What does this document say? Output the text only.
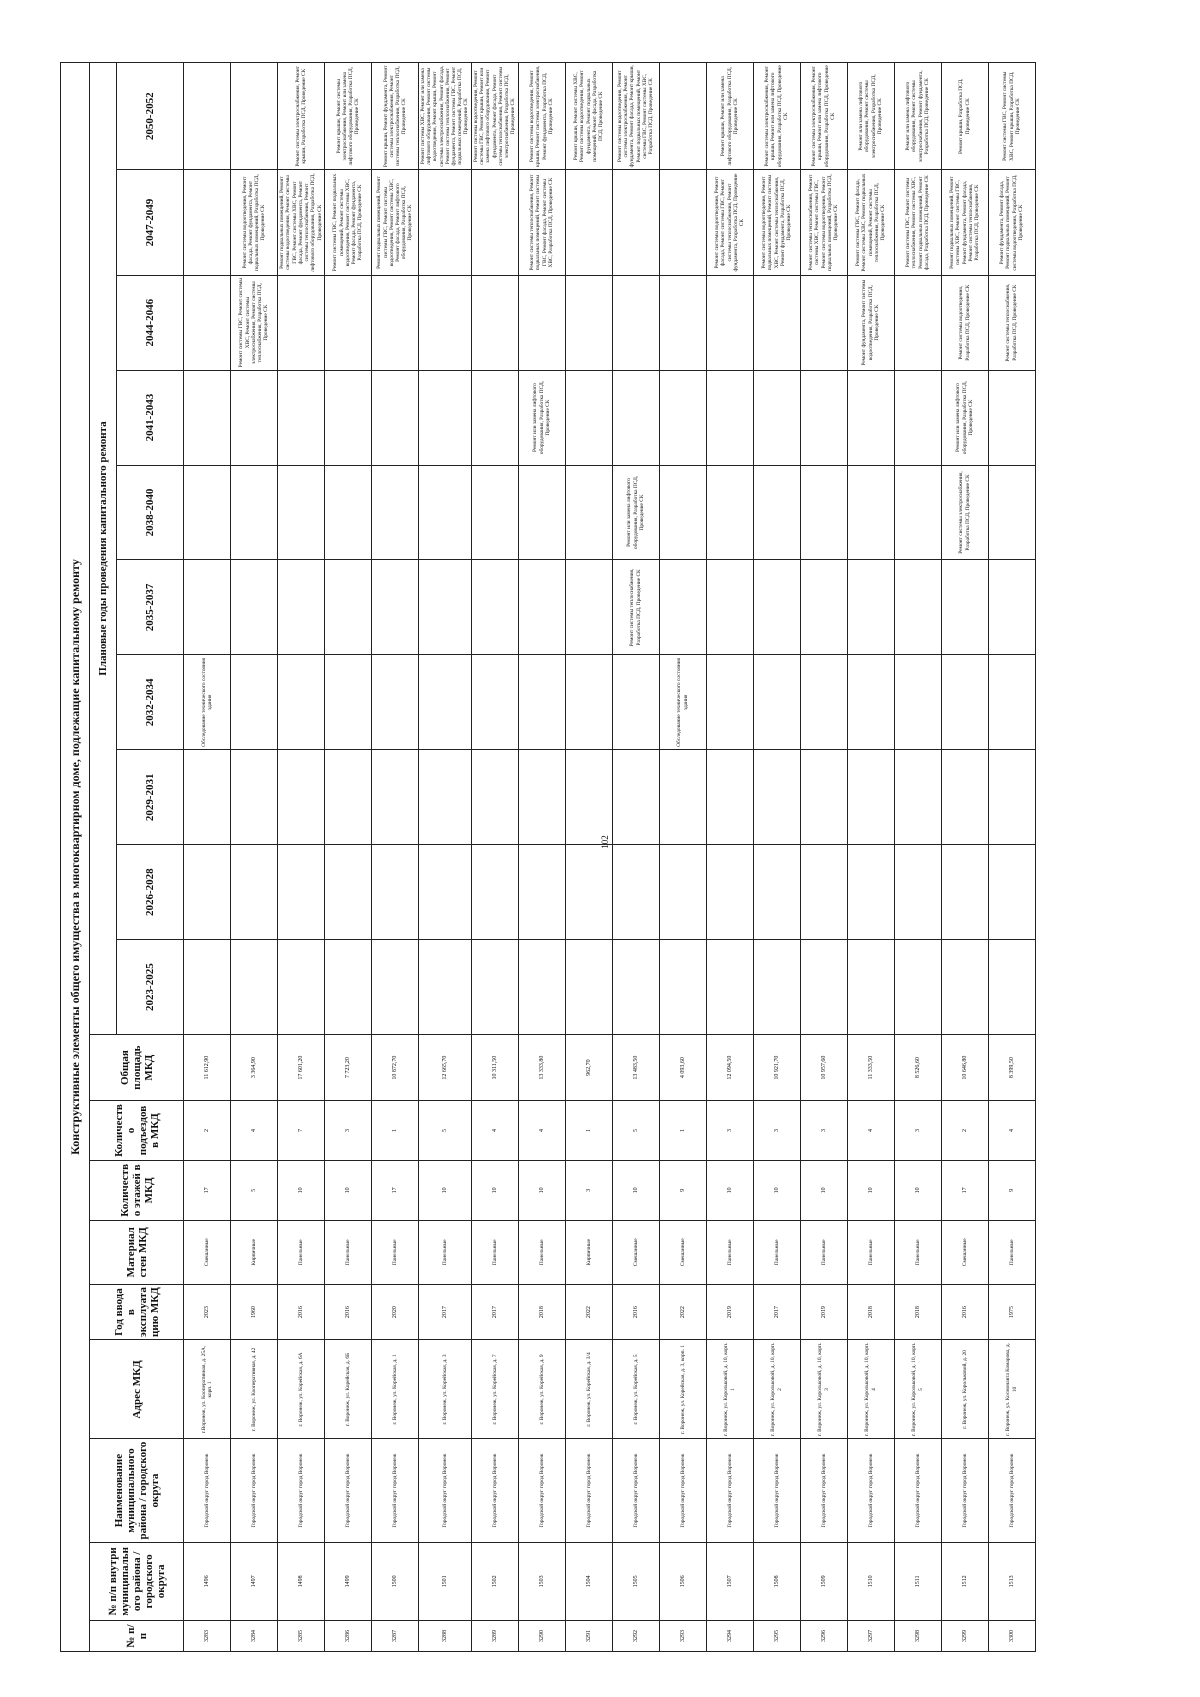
102
Конструктивные элементы общего имущества в многоквартирном доме, подлежащие капитальному ремонту																		
№ п/п	№ п/п внутри муниципального района / городского округа	Наименование муниципального района / городского округа	Адрес МКД	Год ввода в эксплуатацию МКД	Материал стен МКД	Количество этажей в МКД	Количество подъездов в МКД	Общая площадь МКД	Плановые годы проведения капитального ремонта									
									2023-2025	2026-2028	2029-2031	2032-2034	2035-2037	2038-2040	2041-2043	2044-2046	2047-2049	2050-2052
3283	1496	Городской округ город Воронеж	г.Воронеж, ул. Кооперативная, д. 25А, корп. 1	2023	Смешанные	17	2	11 612,90				Обследование технического состояния здания						
3284	1497	Городской округ город Воронеж	г. Воронеж, ул. Кооперативная, д. 42	1960	Кирпичные	5	4	3 364,90								Ремонт системы ГВС, Ремонт системы ХВС, Ремонт системы электроснабжения, Ремонт системы теплоснабжения, Разработка ПСД, Проведение СК	Ремонт системы водоотведения, Ремонт фасада, Ремонт фундамента, Ремонт подвальных помещений, Разработка ПСД, Проведение СК	
3285	1498	Городской округ город Воронеж	г. Воронеж, ул. Корейская, д. 6А	2016	Панельные	10	7	17 601,20									Ремонт подвальных помещений, Ремонт системы водоотведения, Ремонт системы ГВС, Ремонт системы ХВС, Ремонт фасада, Ремонт фундамента, Ремонт системы теплоснабжения, Ремонт лифтового оборудования, Разработка ПСД, Проведение СК	Ремонт системы электроснабжения, Ремонт крыши, Разработка ПСД, Проведение СК
3286	1499	Городской округ город Воронеж	г. Воронеж, ул. Корейская, д. 6Б	2016	Панельные	10	3	7 723,20									Ремонт системы ГВС, Ремонт подвальных помещений, Ремонт системы водоотведения, Ремонт системы ХВС, Ремонт фасада, Ремонт фундамента, Разработка ПСД, Проведение СК	Ремонт крыши, Ремонт системы электроснабжения, Ремонт или замена лифтового оборудования, Разработка ПСД, Проведение СК
3287	1500	Городской округ город Воронеж	г. Воронеж, ул. Корейская, д. 1	2020	Панельные	17	1	10 872,70									Ремонт подвальных помещений, Ремонт системы ГВС, Ремонт системы водоотведения, Ремонт системы ХВС, Ремонт фасада, Ремонт лифтового оборудования, Разработка ПСД, Проведение СК	Ремонт крыши, Ремонт фундамента, Ремонт системы электроснабжения, Ремонт системы теплоснабжения, Разработка ПСД, Проведение СК
3288	1501	Городской округ город Воронеж	г. Воронеж, ул. Корейская, д. 3	2017	Панельные	10	5	12 665,70										Ремонт системы ХВС, Ремонт или замена лифтового оборудования, Ремонт системы водоотведения, Ремонт крыши, Ремонт системы электроснабжения, Ремонт фасада, Ремонт системы теплоснабжения, Ремонт фундамента, Ремонт системы ГВС, Ремонт подвальных помещений, Разработка ПСД, Проведение СК
3289	1502	Городской округ город Воронеж	г. Воронеж, ул. Корейская, д. 7	2017	Панельные	10	4	10 311,50										Ремонт системы водоотведения, Ремонт системы ГВС, Ремонт крыши, Ремонт или замена лифтового оборудования, Ремонт фундамента, Ремонт фасада, Ремонт системы теплоснабжения, Ремонт системы электроснабжения, Разработка ПСД, Проведение СК
3290	1503	Городской округ город Воронеж	г. Воронеж, ул. Корейская, д. 9	2018	Панельные	10	4	13 333,80							Ремонт или замена лифтового оборудования, Разработка ПСД, Проведение СК		Ремонт системы теплоснабжения, Ремонт подвальных помещений, Ремонт системы ГВС, Ремонт фасада, Ремонт системы ХВС, Разработка ПСД, Проведение СК	Ремонт системы водоотведения, Ремонт крыши, Ремонт системы электроснабжения, Ремонт фундамента, Разработка ПСД, Проведение СК
3291	1504	Городской округ город Воронеж	г. Воронеж, ул. Корейская, д. 3/4	2022	Кирпичные	3	1	962,70										Ремонт крыши, Ремонт системы ХВС, Ремонт системы водоотведения, Ремонт фундамента, Ремонт подвальных помещений, Ремонт фасада, Разработка ПСД, Проведение СК
3292	1505	Городской округ город Воронеж	г. Воронеж, ул. Корейская, д. 5	2016	Смешанные	10	5	13 483,50					Ремонт системы теплоснабжения, Разработка ПСД, Проведение СК	Ремонт или замена лифтового оборудования, Разработка ПСД, Проведение СК				Ремонт системы водоотведения, Ремонт системы электроснабжения, Ремонт фундамента, Ремонт фасада, Ремонт крыши, Ремонт подвальных помещений, Ремонт системы ГВС, Ремонт системы ХВС, Разработка ПСД, Проведение СК
3293	1506	Городской округ город Воронеж	г. Воронеж, ул. Корейская, д. 3, корп. 1	2022	Смешанные	9	1	4 093,60				Обследование технического состояния здания						
3294	1507	Городской округ город Воронеж	г. Воронеж, ул. Корольковой, д. 10, корп. 1	2019	Панельные	10	3	12 094,50									Ремонт системы водоотведения, Ремонт фасада, Ремонт системы ГВС, Ремонт системы теплоснабжения, Ремонт фундамента, Разработка ПСД, Проведение СК	Ремонт крыши, Ремонт или замена лифтового оборудования, Разработка ПСД, Проведение СК
3295	1508	Городской округ город Воронеж	г. Воронеж, ул. Корольковой, д. 10, корп. 2	2017	Панельные	10	3	10 921,70									Ремонт системы водоотведения, Ремонт подвальных помещений, Ремонт системы ХВС, Ремонт системы теплоснабжения, Ремонт фундамента, Разработка ПСД, Проведение СК	Ремонт системы электроснабжения, Ремонт крыши, Ремонт или замена лифтового оборудования, Разработка ПСД, Проведение СК
3296	1509	Городской округ город Воронеж	г. Воронеж, ул. Корольковой, д. 10, корп. 3	2019	Панельные	10	3	10 957,60									Ремонт системы теплоснабжения, Ремонт системы ХВС, Ремонт системы ГВС, Ремонт системы водоотведения, Ремонт подвальных помещений, Разработка ПСД, Проведение СК	Ремонт системы электроснабжения, Ремонт крыши, Ремонт или замена лифтового оборудования, Разработка ПСД, Проведение СК
3297	1510	Городской округ город Воронеж	г. Воронеж, ул. Корольковой, д. 10, корп. 4	2018	Панельные	10	4	11 333,50								Ремонт фундамента, Ремонт системы водоотведения, Разработка ПСД, Проведение СК	Ремонт системы ГВС, Ремонт фасада, Ремонт системы ХВС, Ремонт подвальных помещений, Ремонт системы теплоснабжения, Разработка ПСД, Проведение СК	Ремонт или замена лифтового оборудования, Ремонт системы электроснабжения, Разработка ПСД, Проведение СК
3298	1511	Городской округ город Воронеж	г. Воронеж, ул. Корольковой, д. 10, корп. 5	2018	Панельные	10	3	8 526,60									Ремонт системы ГВС, Ремонт системы теплоснабжения, Ремонт системы ХВС, Ремонт подвальных помещений, Ремонт фасада, Разработка ПСД, Проведение СК	Ремонт или замена лифтового оборудования, Ремонт системы электроснабжения, Ремонт фундамента, Разработка ПСД, Проведение СК
3299	1512	Городской округ город Воронеж	г. Воронеж, ул. Корольковой, д. 20	2016	Смешанные	17	2	10 646,80						Ремонт системы электроснабжения, Разработка ПСД, Проведение СК	Ремонт или замена лифтового оборудования, Разработка ПСД, Проведение СК	Ремонт системы водоотведения, Разработка ПСД, Проведение СК	Ремонт подвальных помещений, Ремонт системы ХВС, Ремонт системы ГВС, Ремонт фундамента, Ремонт фасада, Ремонт системы теплоснабжения, Разработка ПСД, Проведение СК	Ремонт крыши, Разработка ПСД, Проведение СК
3300	1513	Городской округ город Воронеж	г. Воронеж, ул. Космонавта Комарова, д. 10	1975	Панельные	9	4	8 399,50								Ремонт системы теплоснабжения, Разработка ПСД, Проведение СК	Ремонт фундамента, Ремонт фасада, Ремонт подвальных помещений, Ремонт системы водоотведения, Разработка ПСД, Проведение СК	Ремонт системы ГВС, Ремонт системы ХВС, Ремонт крыши, Разработка ПСД, Проведение СК
